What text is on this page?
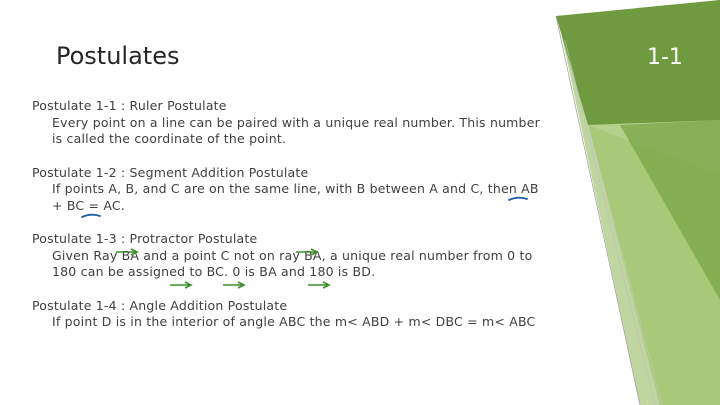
Postulates	1-1
Postulate 1-1 : Ruler Postulate
Every point on a line can be paired with a unique real number. This number is called the coordinate of the point.
Postulate 1-2 : Segment Addition Postulate
If points A, B, and C are on the same line, with B between A and C, then AB + BC = AC.
Postulate 1-3 : Protractor Postulate
Given Ray BA and a point C not on ray BA, a unique real number from 0 to 180 can be assigned to BC. 0 is BA and 180 is BD.
Postulate 1-4 : Angle Addition Postulate
If point D is in the interior of angle ABC the m< ABD + m< DBC = m< ABC
